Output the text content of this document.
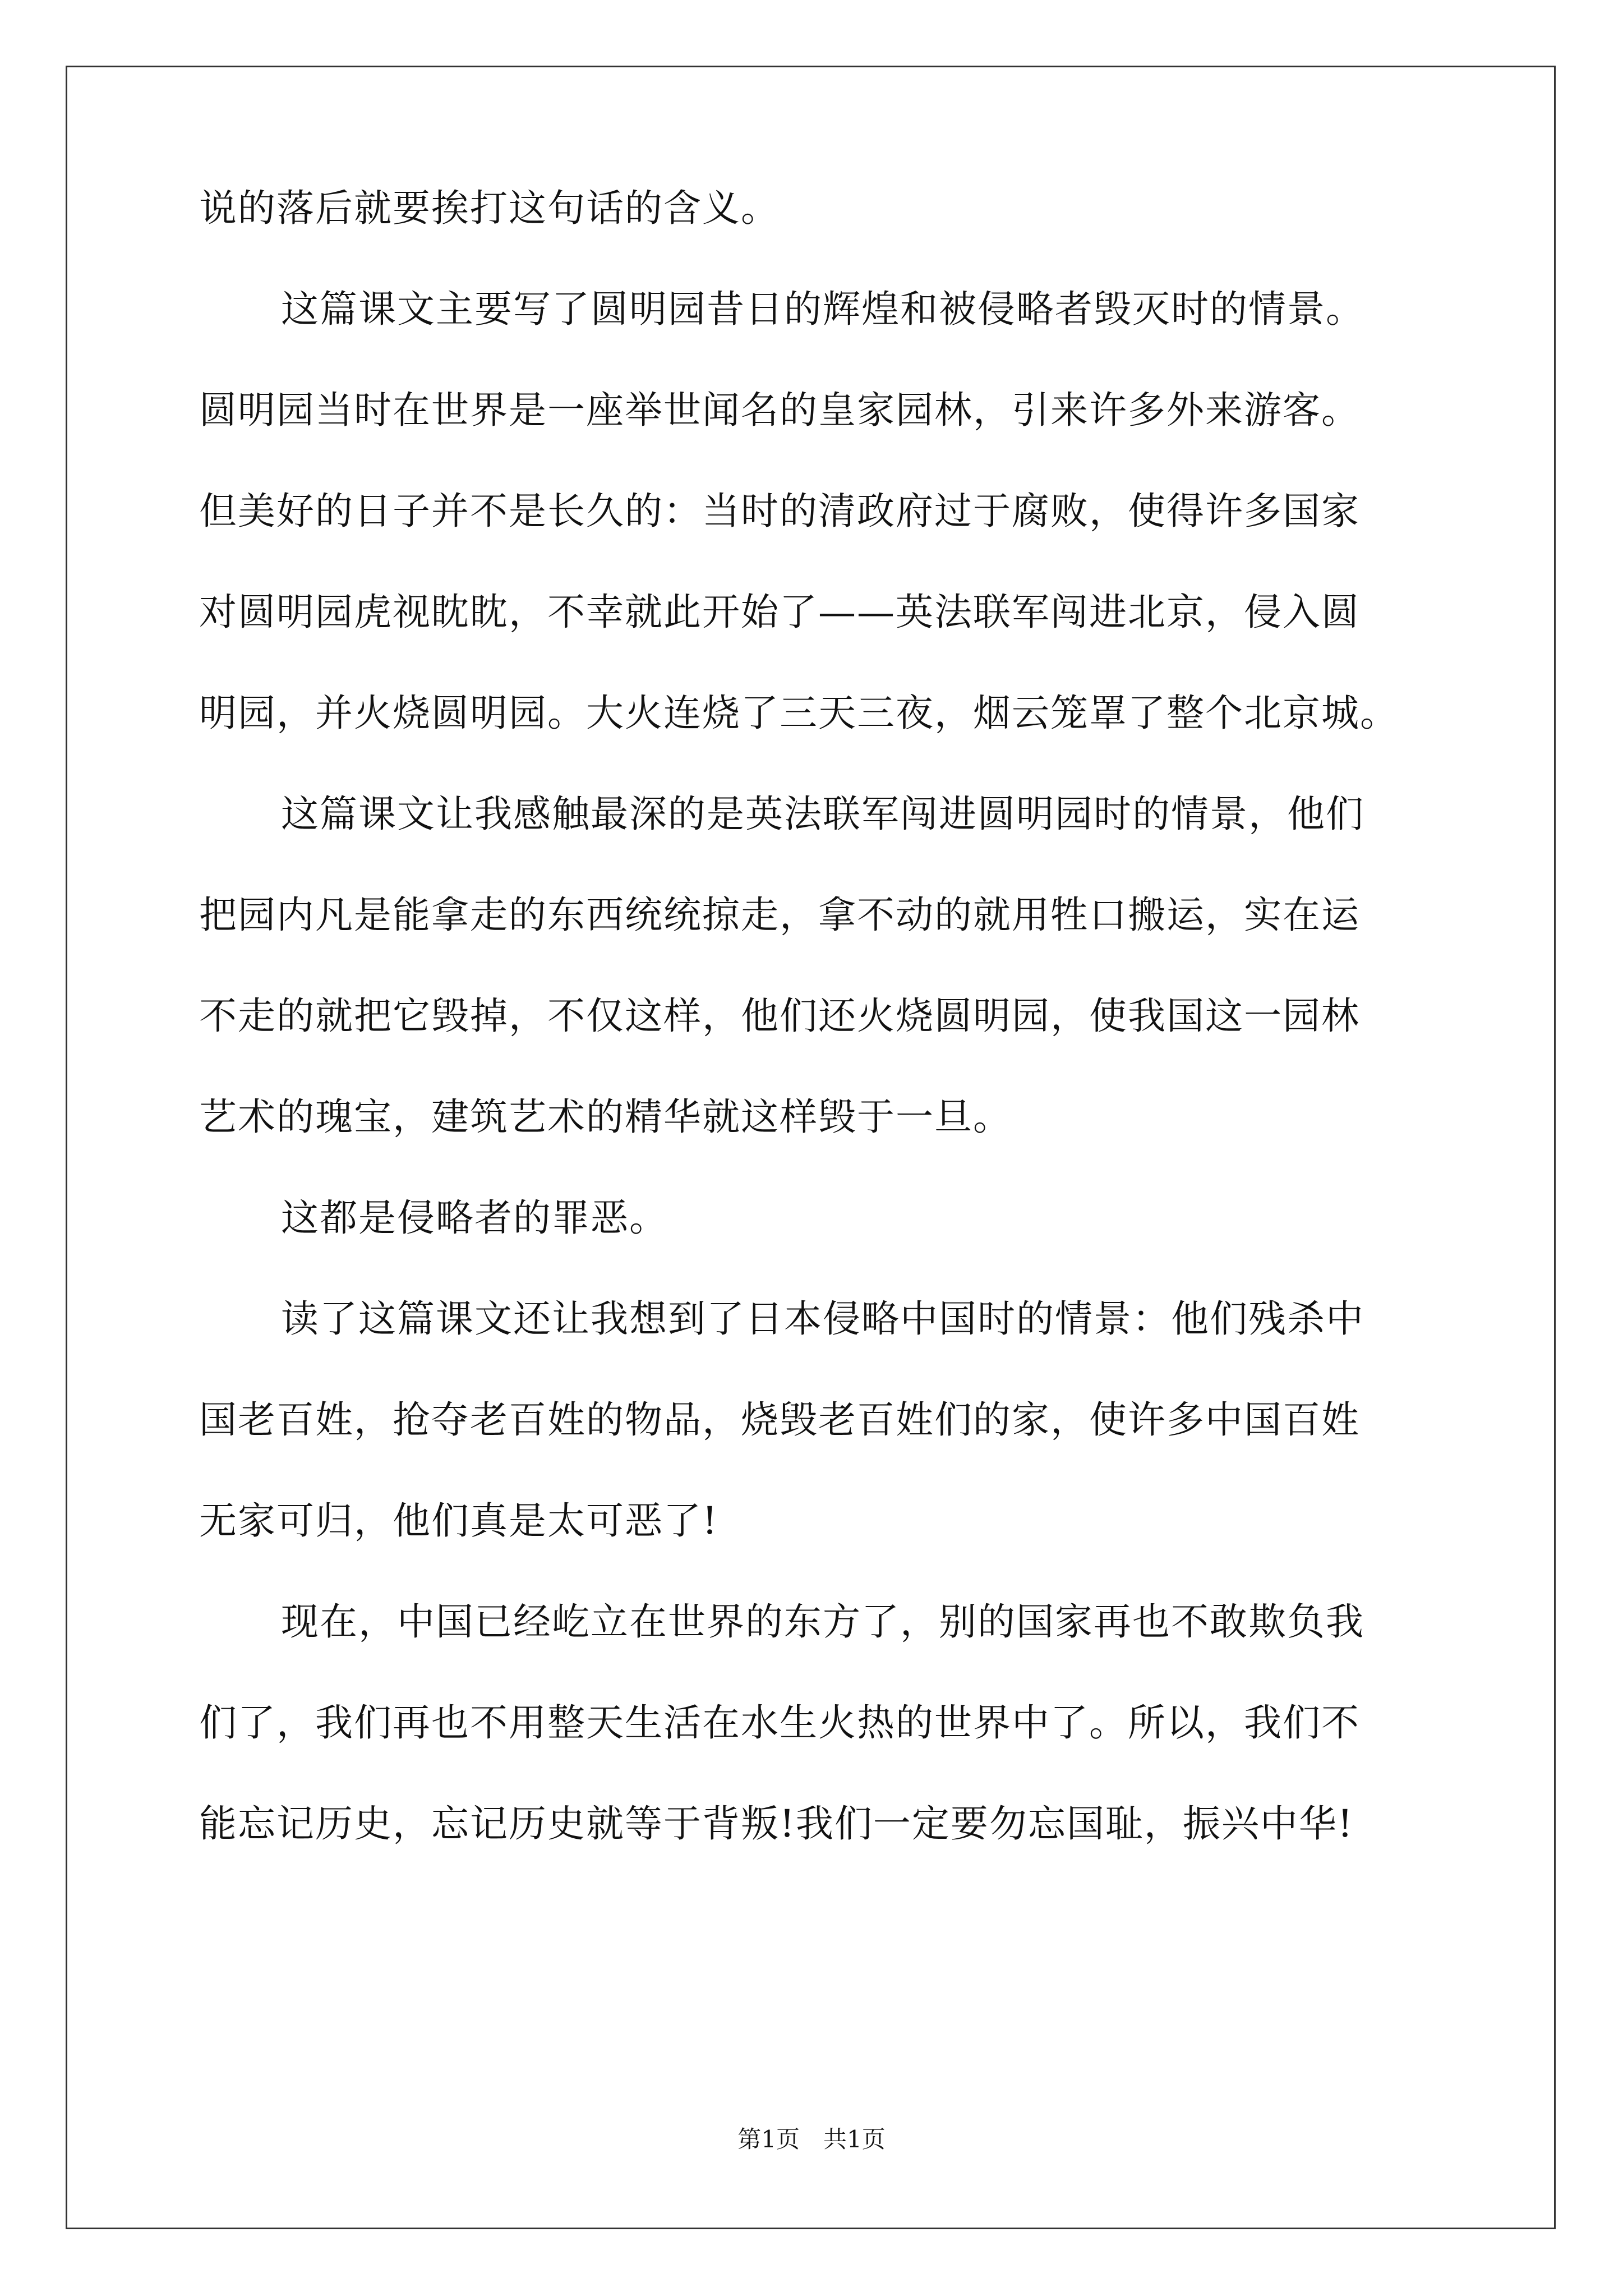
说的落后就要挨打这句话的含义。
这篇课文主要写了圆明园昔日的辉煌和被侵略者毁灭时的情景。
圆明园当时在世界是一座举世闻名的皇家园林，引来许多外来游客。
但美好的日子并不是长久的：当时的清政府过于腐败，使得许多国家
对圆明园虎视眈眈，不幸就此开始了——英法联军闯进北京，侵入圆
明园，并火烧圆明园。大火连烧了三天三夜，烟云笼罩了整个北京城。
这篇课文让我感触最深的是英法联军闯进圆明园时的情景，他们
把园内凡是能拿走的东西统统掠走，拿不动的就用牲口搬运，实在运
不走的就把它毁掉，不仅这样，他们还火烧圆明园，使我国这一园林
艺术的瑰宝，建筑艺术的精华就这样毁于一旦。
这都是侵略者的罪恶。
读了这篇课文还让我想到了日本侵略中国时的情景：他们残杀中
国老百姓，抢夺老百姓的物品，烧毁老百姓们的家，使许多中国百姓
无家可归，他们真是太可恶了!
现在，中国已经屹立在世界的东方了，别的国家再也不敢欺负我
们了，我们再也不用整天生活在水生火热的世界中了。所以，我们不
能忘记历史，忘记历史就等于背叛!我们一定要勿忘国耻，振兴中华!
第1页　共1页
